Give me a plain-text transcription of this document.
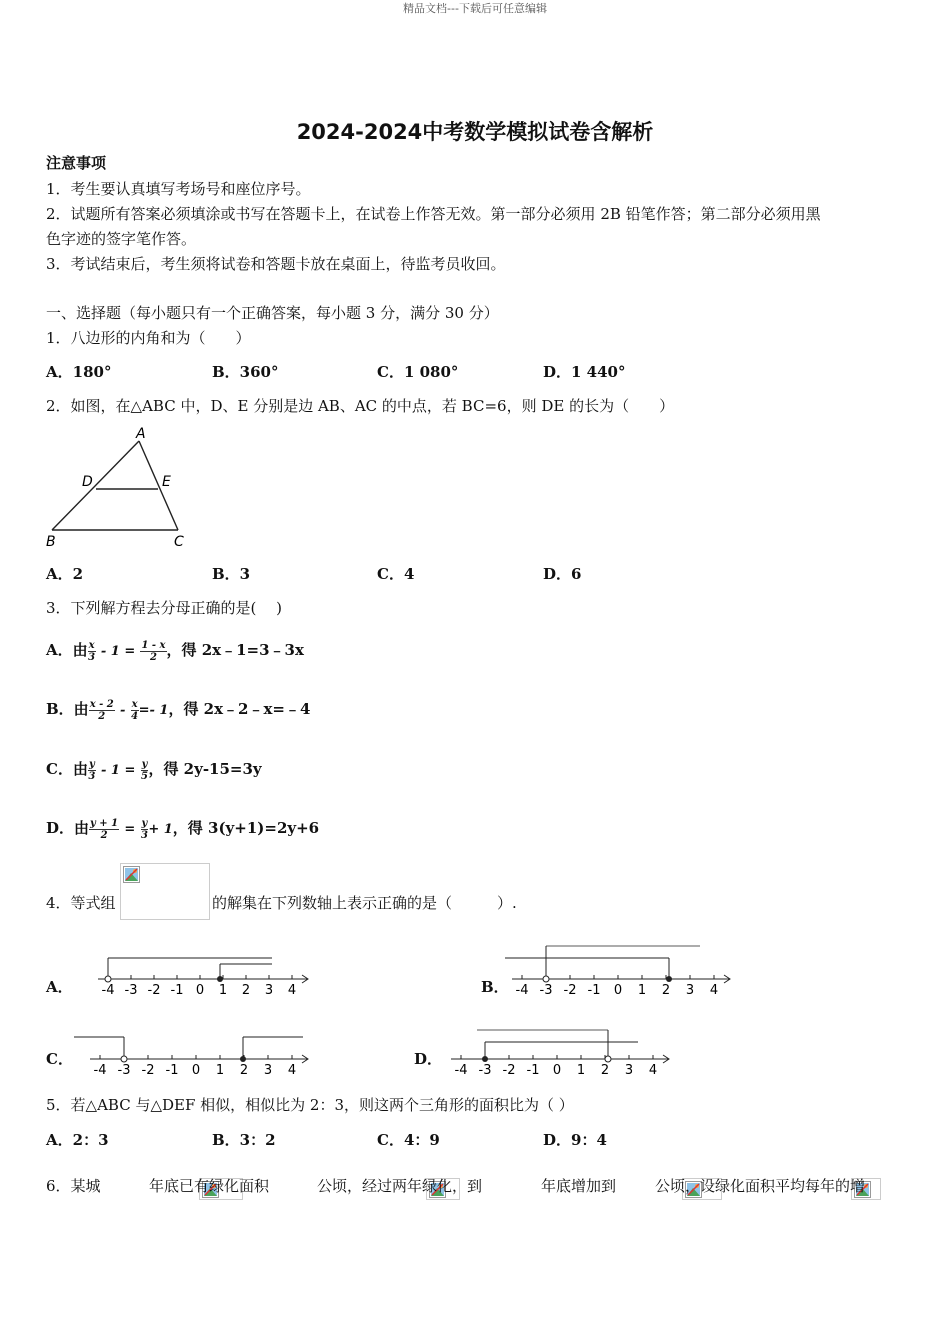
精品文档---下载后可任意编辑
2024-2024中考数学模拟试卷含解析
注意事项
1．考生要认真填写考场号和座位序号。
2．试题所有答案必须填涂或书写在答题卡上，在试卷上作答无效。第一部分必须用 2B 铅笔作答；第二部分必须用黑
色字迹的签字笔作答。
3．考试结束后，考生须将试卷和答题卡放在桌面上，待监考员收回。
一、选择题（每小题只有一个正确答案，每小题 3 分，满分 30 分）
1．八边形的内角和为（　　）
A．180°	B．360°	C．1 080°	D．1 440°
2．如图，在△ABC 中，D、E 分别是边 AB、AC 的中点，若 BC=6，则 DE 的长为（　　）
A
D	E
B	C
A．2	B．3	C．4	D．6
3．下列解方程去分母正确的是(　 )
A．由 $\frac{x}{3} - 1 = \frac{1 - x}{2}$ ，得 2x﹣1=3﹣3x
B．由 $\frac{x - 2}{2} - \frac{x}{4} =- 1$，得 2x﹣2﹣x=﹣4
C．由 $\frac{y}{3} - 1 = \frac{y}{5}$ ，得 2y-15=3y
D．由 $\frac{y + 1}{2} = \frac{y}{3} + 1$，得 3(y+1)=2y+6
4．等式组
	的解集在下列数轴上表示正确的是（　　　）.
A． -4 -3 -2 -1 0 1 2 3 4	B． -4 -3 -2 -1 0 1 2 3 4
C．
-4 -3 -2 -1 0 1 2 3 4
D．
-4 -3 -2 -1 0 1 2 3 4
5．若△ABC 与△DEF 相似，相似比为 2：3，则这两个三角形的面积比为（ ）
A．2：3	B．3：2	C．4：9	D．9：4
6．某城
	年底已有绿化面积
	公顷，经过两年绿化，到
	年底增加到	公顷，设绿化面积平均每年的增
